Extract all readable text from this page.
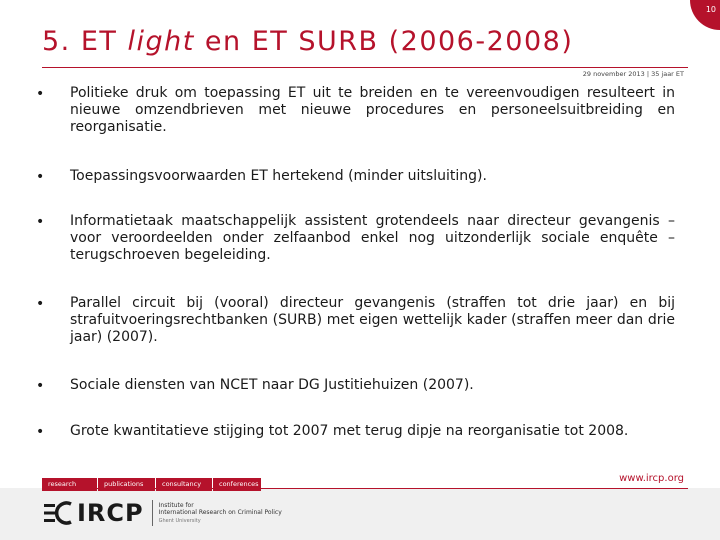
10
5. ET light en ET SURB (2006-2008)
29 november 2013 | 35 jaar ET
• Politieke druk om toepassing ET uit te breiden en te vereenvoudigen resulteert in nieuwe omzendbrieven met nieuwe procedures en personeelsuitbreiding en reorganisatie.
• Toepassingsvoorwaarden ET hertekend (minder uitsluiting).
• Informatietaak maatschappelijk assistent grotendeels naar directeur gevangenis – voor veroordeelden onder zelfaanbod enkel nog uitzonderlijk sociale enquête – terugschroeven begeleiding.
• Parallel circuit bij (vooral) directeur gevangenis (straffen tot drie jaar) en bij strafuitvoeringsrechtbanken (SURB) met eigen wettelijk kader (straffen meer dan drie jaar) (2007).
• Sociale diensten van NCET naar DG Justitiehuizen (2007).
• Grote kwantitatieve stijging tot 2007 met terug dipje na reorganisatie tot 2008.
research	publications	consultancy	conferences	www.ircp.org
IRCP	Institute for
International Research on Criminal Policy
Ghent University
